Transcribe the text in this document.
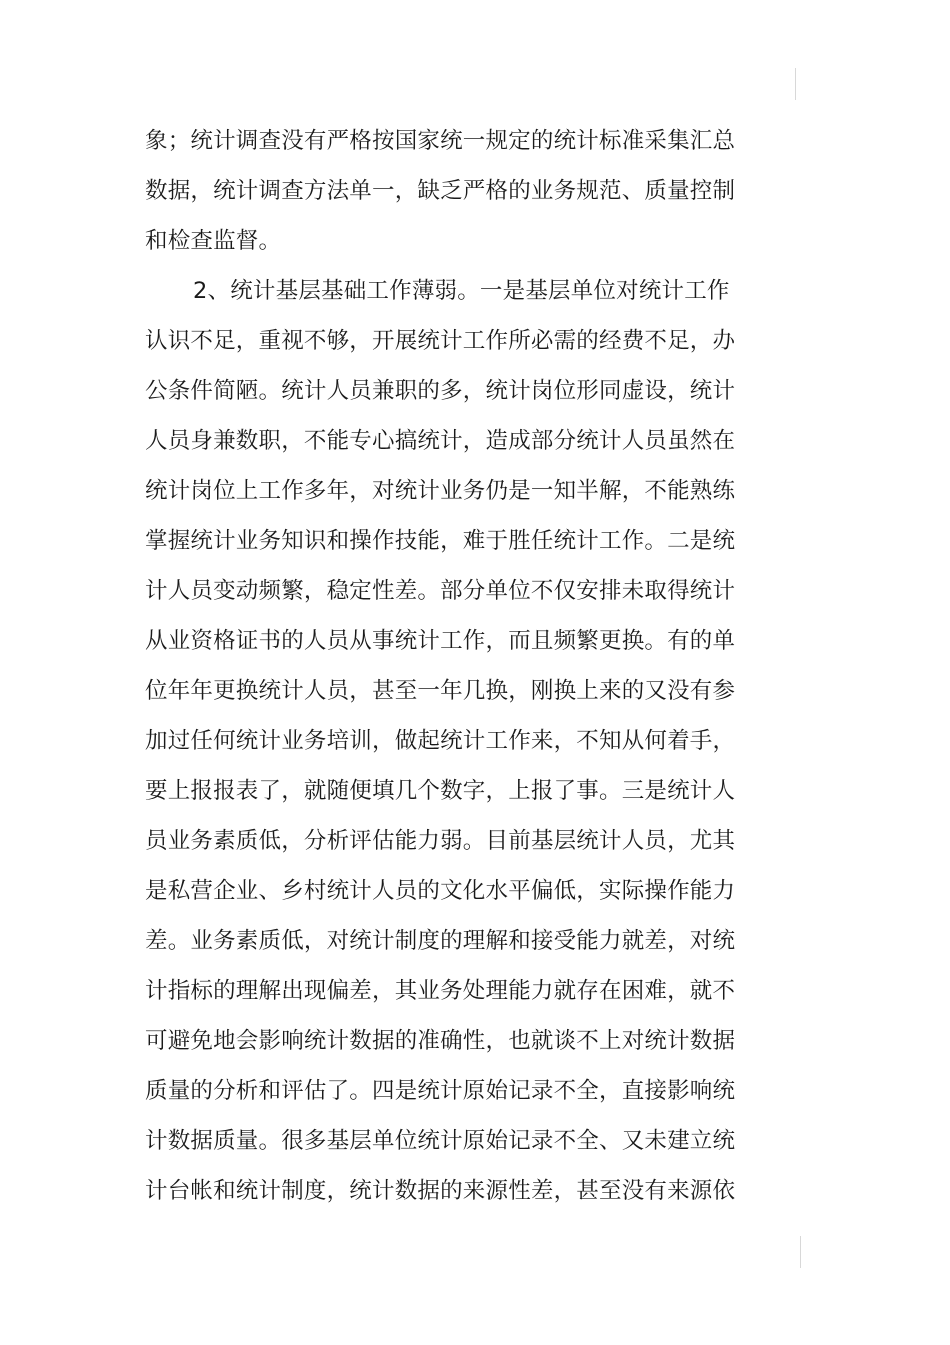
象；统计调查没有严格按国家统一规定的统计标准采集汇总
数据，统计调查方法单一，缺乏严格的业务规范、质量控制
和检查监督。
2、统计基层基础工作薄弱。一是基层单位对统计工作
认识不足，重视不够，开展统计工作所必需的经费不足，办
公条件简陋。统计人员兼职的多，统计岗位形同虚设，统计
人员身兼数职，不能专心搞统计，造成部分统计人员虽然在
统计岗位上工作多年，对统计业务仍是一知半解，不能熟练
掌握统计业务知识和操作技能，难于胜任统计工作。二是统
计人员变动频繁，稳定性差。部分单位不仅安排未取得统计
从业资格证书的人员从事统计工作，而且频繁更换。有的单
位年年更换统计人员，甚至一年几换，刚换上来的又没有参
加过任何统计业务培训，做起统计工作来，不知从何着手，
要上报报表了，就随便填几个数字，上报了事。三是统计人
员业务素质低，分析评估能力弱。目前基层统计人员，尤其
是私营企业、乡村统计人员的文化水平偏低，实际操作能力
差。业务素质低，对统计制度的理解和接受能力就差，对统
计指标的理解出现偏差，其业务处理能力就存在困难，就不
可避免地会影响统计数据的准确性，也就谈不上对统计数据
质量的分析和评估了。四是统计原始记录不全，直接影响统
计数据质量。很多基层单位统计原始记录不全、又未建立统
计台帐和统计制度，统计数据的来源性差，甚至没有来源依
